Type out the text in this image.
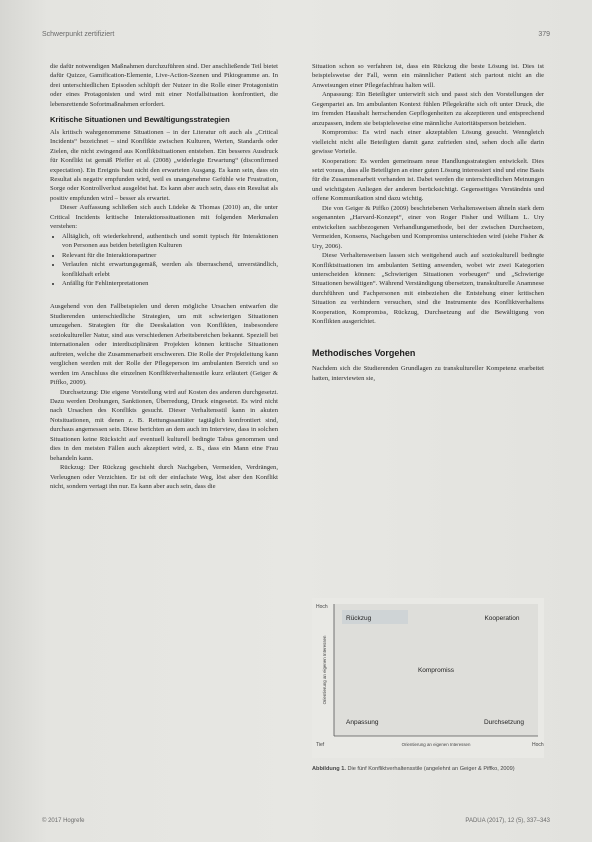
Schwerpunkt zertifiziert	379

die dafür notwendigen Maßnahmen durchzuführen sind. Der anschließende Teil bietet dafür Quizze, Gamification-Elemente, Live-Action-Szenen und Piktogramme an. In drei unterschiedlichen Episoden schlüpft der Nutzer in die Rolle einer Protagonistin oder eines Protagonisten und wird mit einer Notfallsituation konfrontiert, die lebensrettende Sofortmaßnahmen erfordert.

Kritische Situationen und Bewältigungsstrategien

Als kritisch wahrgenommene Situationen – in der Literatur oft auch als „Critical Incidents“ bezeichnet – sind Konflikte zwischen Kulturen, Werten, Standards oder Zielen, die nicht zwingend aus Konfliktsituationen entstehen. Ein besseres Ausdruck für Konflikt ist gemäß Pfeffer et al. (2008) „widerlegte Erwartung“ (disconfirmed expectation). Ein Ereignis baut nicht den erwarteten Ausgang. Es kann sein, dass ein Resultat als negativ empfunden wird, weil es unangenehme Gefühle wie Frustration, Sorge oder Kontrollverlust ausgelöst hat. Es kann aber auch sein, dass ein Resultat als positiv empfunden wird – besser als erwartet.

Dieser Auffassung schließen sich auch Lüdeke & Thomas (2010) an, die unter Critical Incidents kritische Interaktionssituationen mit folgenden Merkmalen verstehen:

• Alltäglich, oft wiederkehrend, authentisch und somit typisch für Interaktionen von Personen aus beiden beteiligten Kulturen
• Relevant für die Interaktionspartner
• Verlaufen nicht erwartungsgemäß, werden als überraschend, unverständlich, konflikthaft erlebt
• Anfällig für Fehlinterpretationen

Ausgehend von den Fallbeispielen und deren mögliche Ursachen entwarfen die Studierenden unterschiedliche Strategien, um mit schwierigen Situationen umzugehen. Strategien für die Deeskalation von Konflikten, insbesondere soziokultureller Natur, sind aus verschiedenen Arbeitsbereichen bekannt. Speziell bei internationalen oder interdisziplinären Projekten können kritische Situationen auftreten, welche die Zusammenarbeit erschweren. Die Rolle der Projektleitung kann verglichen werden mit der Rolle der Pflegeperson im ambulanten Bereich und so werden im Anschluss die einzelnen Konfliktverhaltensstile kurz erläutert (Geiger & Piffko, 2009).

Durchsetzung: Die eigene Vorstellung wird auf Kosten des anderen durchgesetzt. Dazu werden Drohungen, Sanktionen, Überredung, Druck eingesetzt. Es wird nicht nach Ursachen des Konflikts gesucht. Dieser Verhaltensstil kann in akuten Notsituationen, mit denen z. B. Rettungssanitäter tagtäglich konfrontiert sind, durchaus angemessen sein. Diese berichten an dem auch im Interview, dass in solchen Situationen keine Rücksicht auf eventuell kulturell bedingte Tabus genommen und dies in den meisten Fällen auch akzeptiert wird, z. B., dass ein Mann eine Frau behandeln kann.

Rückzug: Der Rückzug geschieht durch Nachgeben, Vermeiden, Verdrängen, Verleugnen oder Verzichten. Er ist oft der einfachste Weg, löst aber den Konflikt nicht, sondern vertagt ihn nur. Es kann aber auch sein, dass die

Situation schon so verfahren ist, dass ein Rückzug die beste Lösung ist. Dies ist beispielsweise der Fall, wenn ein männlicher Patient sich partout nicht an die Anweisungen einer Pflegefachfrau halten will.

Anpassung: Ein Beteiligter unterwirft sich und passt sich den Vorstellungen der Gegenpartei an. Im ambulanten Kontext fühlen Pflegekräfte sich oft unter Druck, die im fremden Haushalt herrschenden Gepflogenheiten zu akzeptieren und entsprechend anzupassen, indem sie beispielsweise eine männliche Autoritätsperson beiziehen.

Kompromiss: Es wird nach einer akzeptablen Lösung gesucht. Wenngleich vielleicht nicht alle Beteiligten damit ganz zufrieden sind, sehen doch alle darin gewisse Vorteile.

Kooperation: Es werden gemeinsam neue Handlungsstrategien entwickelt. Dies setzt voraus, dass alle Beteiligten an einer guten Lösung interessiert sind und eine Basis für die Zusammenarbeit vorhanden ist. Dabei werden die unterschiedlichen Meinungen und wichtigsten Anliegen der anderen berücksichtigt. Gegenseitiges Verständnis und offene Kommunikation sind dazu wichtig.

Die von Geiger & Piffko (2009) beschriebenen Verhaltensweisen ähneln stark dem sogenannten „Harvard-Konzept“, einer von Roger Fisher und William L. Ury entwickelten sachbezogenen Verhandlungsmethode, bei der zwischen Durchsetzen, Vermeiden, Konsens, Nachgeben und Kompromiss unterschieden wird (siehe Fisher & Ury, 2006).

Diese Verhaltensweisen lassen sich weitgehend auch auf soziokulturell bedingte Konfliktsituationen im ambulanten Setting anwenden, wobei wir zwei Kategorien unterscheiden können: „Schwierigen Situationen vorbeugen“ und „Schwierige Situationen bewältigen“. Während Verständigung übersetzen, transkulturelle Anamnese durchführen und Fachpersonen mit einbeziehen die Entstehung einer kritischen Situation zu verhindern versuchen, sind die Instrumente des Konfliktverhaltens Kooperation, Kompromiss, Rückzug, Durchsetzung auf die Bewältigung von Konflikten ausgerichtet.

Methodisches Vorgehen

Nachdem sich die Studierenden Grundlagen zu transkultureller Kompetenz erarbeitet hatten, interviewten sie,

Hoch
Tief	Hoch
Orientierung an eigenen Interessen
Orientierung an eigenen Interessen
Rückzug	Kooperation
Kompromiss
Anpassung	Durchsetzung
Abbildung 1. Die fünf Konfliktverhaltensstile (angelehnt an Geiger & Piffko, 2009)
© 2017 Hogrefe	PADUA (2017), 12 (5), 337–343
